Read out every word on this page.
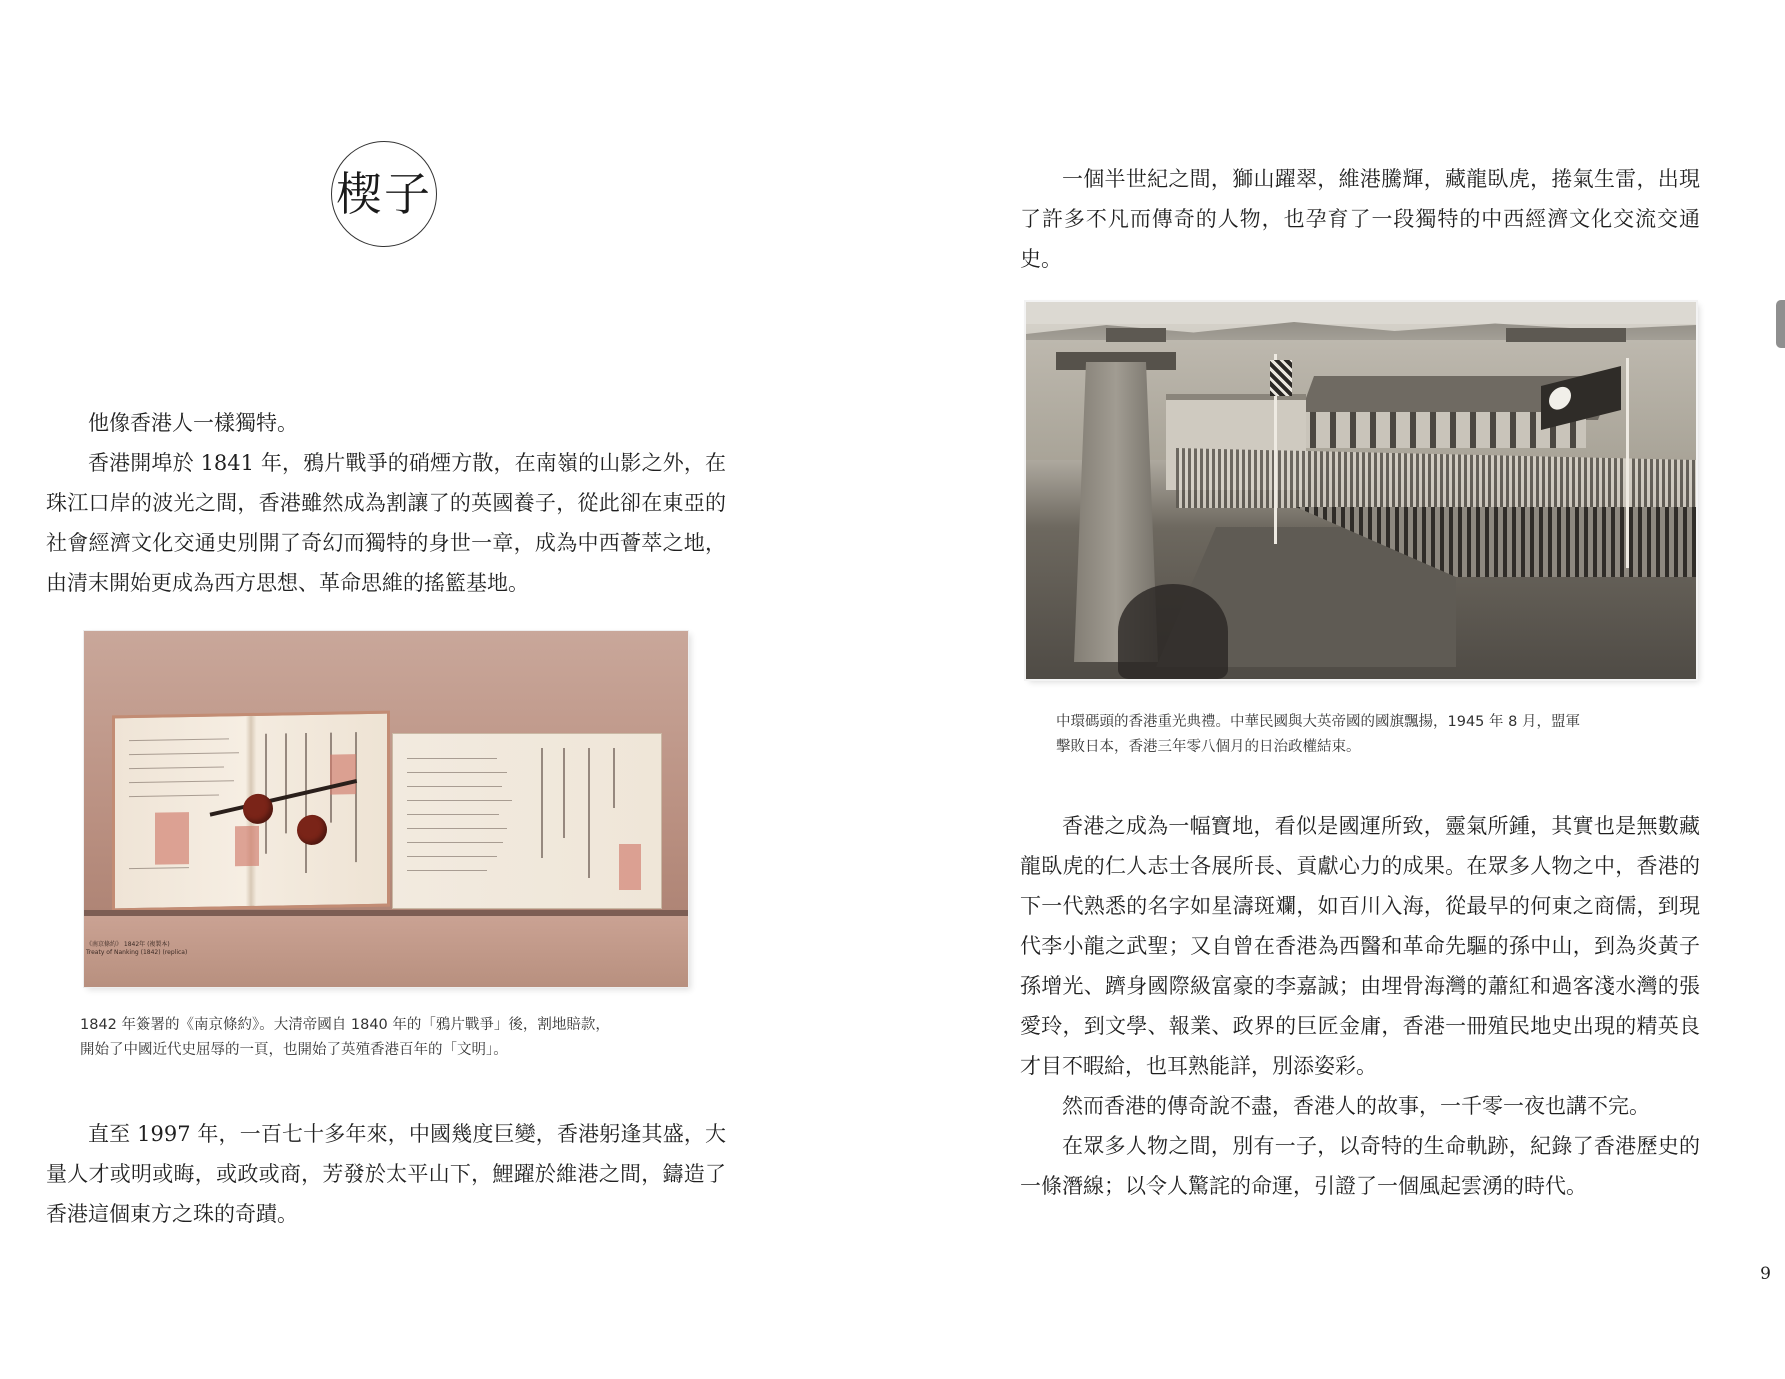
楔子

他像香港人一樣獨特。

香港開埠於 1841 年，鴉片戰爭的硝煙方散，在南嶺的山影之外，在珠江口岸的波光之間，香港雖然成為割讓了的英國養子，從此卻在東亞的社會經濟文化交通史別開了奇幻而獨特的身世一章，成為中西薈萃之地，由清末開始更成為西方思想、革命思維的搖籃基地。

《南京條約》 1842年 (複製本)
Treaty of Nanking (1842) (replica)

1842 年簽署的《南京條約》。大清帝國自 1840 年的「鴉片戰爭」後，割地賠款，

開始了中國近代史屈辱的一頁，也開始了英殖香港百年的「文明」。

直至 1997 年，一百七十多年來，中國幾度巨變，香港躬逢其盛，大量人才或明或晦，或政或商，芳發於太平山下，鯉躍於維港之間，鑄造了香港這個東方之珠的奇蹟。

一個半世紀之間，獅山躍翠，維港騰輝，藏龍臥虎，捲氣生雷，出現了許多不凡而傳奇的人物，也孕育了一段獨特的中西經濟文化交流交通史。

中環碼頭的香港重光典禮。中華民國與大英帝國的國旗飄揚，1945 年 8 月，盟軍

擊敗日本，香港三年零八個月的日治政權結束。

香港之成為一幅寶地，看似是國運所致，靈氣所鍾，其實也是無數藏龍臥虎的仁人志士各展所長、貢獻心力的成果。在眾多人物之中，香港的下一代熟悉的名字如星濤斑斕，如百川入海，從最早的何東之商儒，到現代李小龍之武聖；又自曾在香港為西醫和革命先驅的孫中山，到為炎黃子孫增光、躋身國際級富豪的李嘉誠；由埋骨海灣的蕭紅和過客淺水灣的張愛玲，到文學、報業、政界的巨匠金庸，香港一冊殖民地史出現的精英良才目不暇給，也耳熟能詳，別添姿彩。

然而香港的傳奇說不盡，香港人的故事，一千零一夜也講不完。

在眾多人物之間，別有一子，以奇特的生命軌跡，紀錄了香港歷史的一條潛線；以令人驚詫的命運，引證了一個風起雲湧的時代。

9
